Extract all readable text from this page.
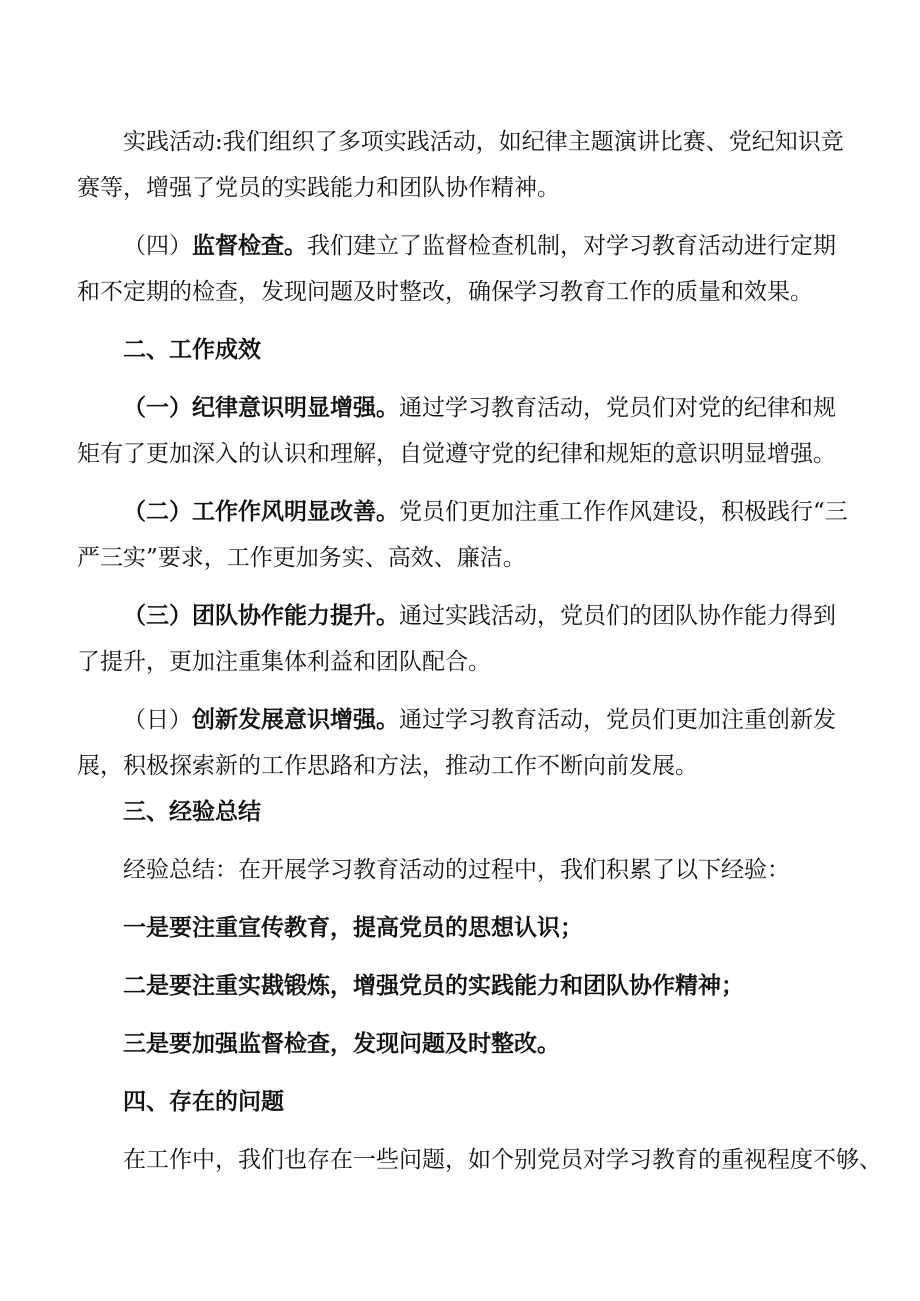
实践活动:我们组织了多项实践活动，如纪律主题演讲比赛、党纪知识竞
赛等，增强了党员的实践能力和团队协作精神。
（四）监督检查。我们建立了监督检查机制，对学习教育活动进行定期
和不定期的检查，发现问题及时整改，确保学习教育工作的质量和效果。
二、工作成效
（一）纪律意识明显增强。通过学习教育活动，党员们对党的纪律和规
矩有了更加深入的认识和理解，自觉遵守党的纪律和规矩的意识明显增强。
（二）工作作风明显改善。党员们更加注重工作作风建设，积极践行“三
严三实”要求，工作更加务实、高效、廉洁。
（三）团队协作能力提升。通过实践活动，党员们的团队协作能力得到
了提升，更加注重集体利益和团队配合。
（日）创新发展意识增强。通过学习教育活动，党员们更加注重创新发
展，积极探索新的工作思路和方法，推动工作不断向前发展。
三、经验总结
经验总结：在开展学习教育活动的过程中，我们积累了以下经验：
一是要注重宣传教育，提高党员的思想认识；
二是要注重实戡锻炼，增强党员的实践能力和团队协作精神；
三是要加强监督检查，发现问题及时整改。
四、存在的问题
在工作中，我们也存在一些问题，如个别党员对学习教育的重视程度不够、
